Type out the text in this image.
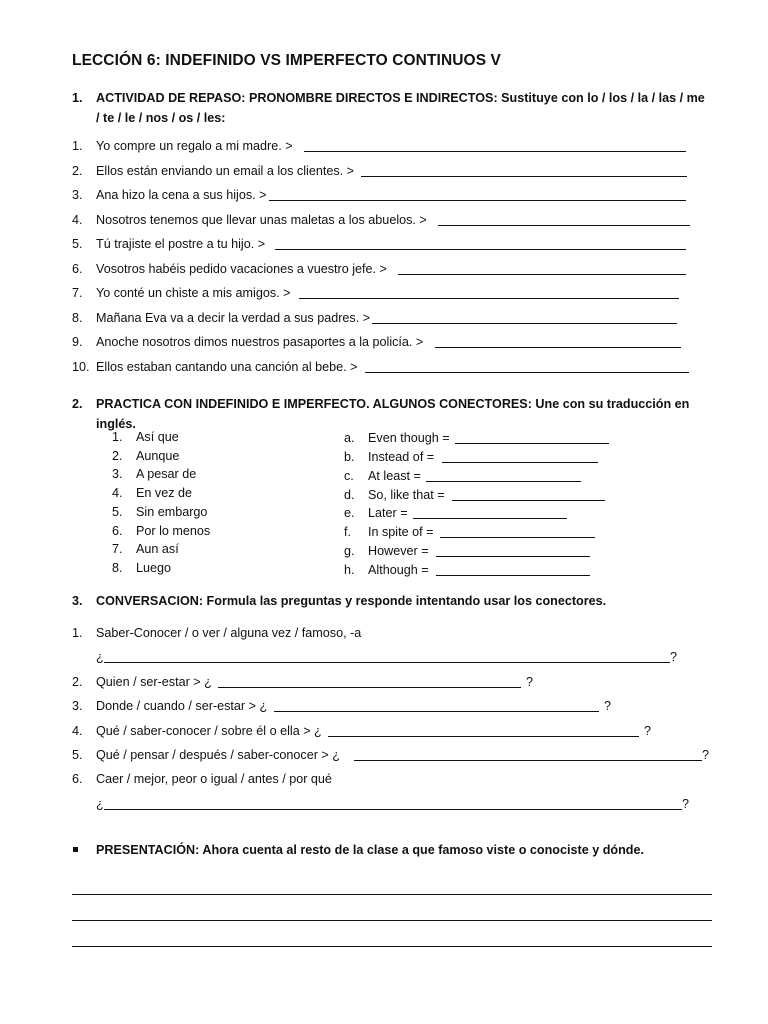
LECCIÓN 6: INDEFINIDO VS IMPERFECTO CONTINUOS V
1. ACTIVIDAD DE REPASO: PRONOMBRE DIRECTOS E INDIRECTOS: Sustituye con lo / los / la / las / me / te / le / nos / os / les:
1. Yo compre un regalo a mi madre. >
2. Ellos están enviando un email a los clientes. >
3. Ana hizo la cena a sus hijos. >
4. Nosotros tenemos que llevar unas maletas a los abuelos. >
5. Tú trajiste el postre a tu hijo. >
6. Vosotros habéis pedido vacaciones a vuestro jefe. >
7. Yo conté un chiste a mis amigos. >
8. Mañana Eva va a decir la verdad a sus padres. >
9. Anoche nosotros dimos nuestros pasaportes a la policía. >
10. Ellos estaban cantando una canción al bebe. >
2. PRACTICA CON INDEFINIDO E IMPERFECTO. ALGUNOS CONECTORES: Une con su traducción en inglés.
1. Así que
2. Aunque
3. A pesar de
4. En vez de
5. Sin embargo
6. Por lo menos
7. Aun así
8. Luego
a. Even though =
b. Instead of =
c. At least =
d. So, like that =
e. Later =
f. In spite of =
g. However =
h. Although =
3. CONVERSACION: Formula las preguntas y responde intentando usar los conectores.
1. Saber-Conocer / o ver / alguna vez / famoso, -a
¿	?
2. Quien / ser-estar > ¿	?
3. Donde / cuando / ser-estar > ¿	?
4. Qué / saber-conocer / sobre él o ella > ¿	?
5. Qué / pensar / después / saber-conocer > ¿	?
6. Caer / mejor, peor o igual / antes / por qué
¿	?
PRESENTACIÓN: Ahora cuenta al resto de la clase a que famoso viste o conociste y dónde.
